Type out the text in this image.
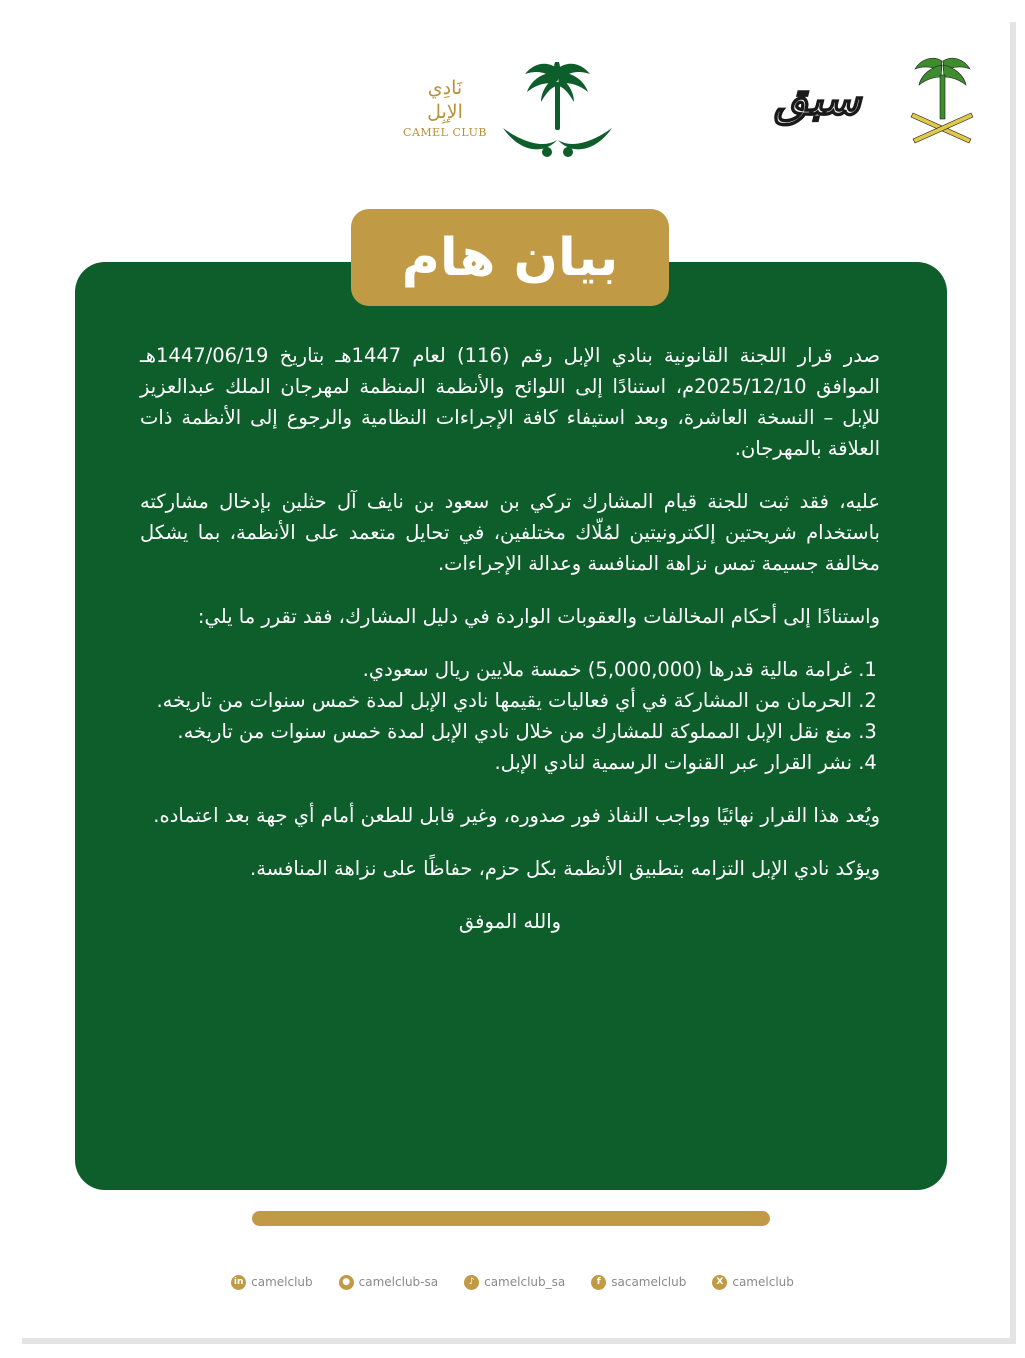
نَادِي
الإبِل
CAMEL CLUB
سبق
بيان هام

صدر قرار اللجنة القانونية بنادي الإبل رقم (116) لعام 1447هـ بتاريخ 1447/06/19هـ الموافق 2025/12/10م، استنادًا إلى اللوائح والأنظمة المنظمة لمهرجان الملك عبدالعزيز للإبل – النسخة العاشرة، وبعد استيفاء كافة الإجراءات النظامية والرجوع إلى الأنظمة ذات العلاقة بالمهرجان.

عليه، فقد ثبت للجنة قيام المشارك تركي بن سعود بن نايف آل حثلين بإدخال مشاركته باستخدام شريحتين إلكترونيتين لمُلّاك مختلفين، في تحايل متعمد على الأنظمة، بما يشكل مخالفة جسيمة تمس نزاهة المنافسة وعدالة الإجراءات.

واستنادًا إلى أحكام المخالفات والعقوبات الواردة في دليل المشارك، فقد تقرر ما يلي:

1. غرامة مالية قدرها (5,000,000) خمسة ملايين ريال سعودي.
2. الحرمان من المشاركة في أي فعاليات يقيمها نادي الإبل لمدة خمس سنوات من تاريخه.
3. منع نقل الإبل المملوكة للمشارك من خلال نادي الإبل لمدة خمس سنوات من تاريخه.
4. نشر القرار عبر القنوات الرسمية لنادي الإبل.

ويُعد هذا القرار نهائيًا وواجب النفاذ فور صدوره، وغير قابل للطعن أمام أي جهة بعد اعتماده.

ويؤكد نادي الإبل التزامه بتطبيق الأنظمة بكل حزم، حفاظًا على نزاهة المنافسة.

والله الموفق
X camelclub
f sacamelclub
♪ camelclub_sa
● camelclub-sa
in camelclub
